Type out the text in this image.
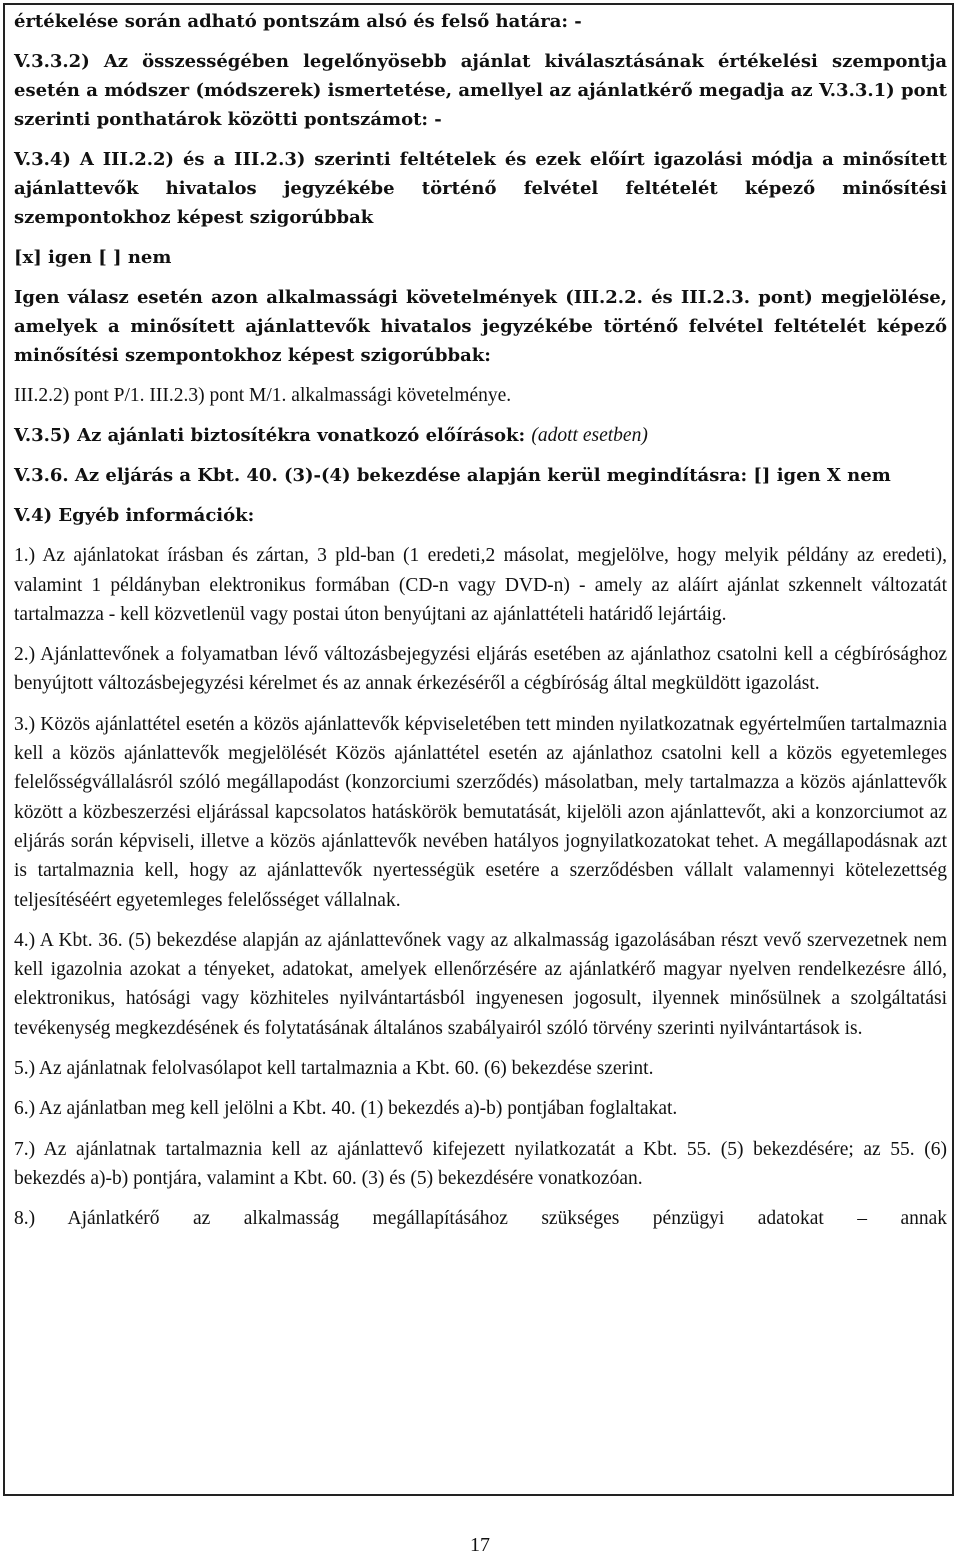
értékelése során adható pontszám alsó és felső határa: -

V.3.3.2) Az összességében legelőnyösebb ajánlat kiválasztásának értékelési szempontja esetén a módszer (módszerek) ismertetése, amellyel az ajánlatkérő megadja az V.3.3.1) pont szerinti ponthatárok közötti pontszámot: -

V.3.4) A III.2.2) és a III.2.3) szerinti feltételek és ezek előírt igazolási módja a minősített ajánlattevők hivatalos jegyzékébe történő felvétel feltételét képező minősítési szempontokhoz képest szigorúbbak

[x] igen [ ] nem

Igen válasz esetén azon alkalmassági követelmények (III.2.2. és III.2.3. pont) megjelölése, amelyek a minősített ajánlattevők hivatalos jegyzékébe történő felvétel feltételét képező minősítési szempontokhoz képest szigorúbbak:

III.2.2) pont P/1. III.2.3) pont M/1. alkalmassági követelménye.

V.3.5) Az ajánlati biztosítékra vonatkozó előírások: (adott esetben)

V.3.6. Az eljárás a Kbt. 40. (3)-(4) bekezdése alapján kerül megindításra: [] igen X nem

V.4) Egyéb információk:

1.) Az ajánlatokat írásban és zártan, 3 pld-ban (1 eredeti,2 másolat, megjelölve, hogy melyik példány az eredeti), valamint 1 példányban elektronikus formában (CD-n vagy DVD-n) - amely az aláírt ajánlat szkennelt változatát tartalmazza - kell közvetlenül vagy postai úton benyújtani az ajánlattételi határidő lejártáig.

2.) Ajánlattevőnek a folyamatban lévő változásbejegyzési eljárás esetében az ajánlathoz csatolni kell a cégbírósághoz benyújtott változásbejegyzési kérelmet és az annak érkezéséről a cégbíróság által megküldött igazolást.

3.) Közös ajánlattétel esetén a közös ajánlattevők képviseletében tett minden nyilatkozatnak egyértelműen tartalmaznia kell a közös ajánlattevők megjelölését Közös ajánlattétel esetén az ajánlathoz csatolni kell a közös egyetemleges felelősségvállalásról szóló megállapodást (konzorciumi szerződés) másolatban, mely tartalmazza a közös ajánlattevők között a közbeszerzési eljárással kapcsolatos hatáskörök bemutatását, kijelöli azon ajánlattevőt, aki a konzorciumot az eljárás során képviseli, illetve a közös ajánlattevők nevében hatályos jognyilatkozatokat tehet. A megállapodásnak azt is tartalmaznia kell, hogy az ajánlattevők nyertességük esetére a szerződésben vállalt valamennyi kötelezettség teljesítéséért egyetemleges felelősséget vállalnak.

4.) A Kbt. 36. (5) bekezdése alapján az ajánlattevőnek vagy az alkalmasság igazolásában részt vevő szervezetnek nem kell igazolnia azokat a tényeket, adatokat, amelyek ellenőrzésére az ajánlatkérő magyar nyelven rendelkezésre álló, elektronikus, hatósági vagy közhiteles nyilvántartásból ingyenesen jogosult, ilyennek minősülnek a szolgáltatási tevékenység megkezdésének és folytatásának általános szabályairól szóló törvény szerinti nyilvántartások is.

5.) Az ajánlatnak felolvasólapot kell tartalmaznia a Kbt. 60. (6) bekezdése szerint.

6.) Az ajánlatban meg kell jelölni a Kbt. 40. (1) bekezdés a)-b) pontjában foglaltakat.

7.) Az ajánlatnak tartalmaznia kell az ajánlattevő kifejezett nyilatkozatát a Kbt. 55. (5) bekezdésére; az 55. (6) bekezdés a)-b) pontjára, valamint a Kbt. 60. (3) és (5) bekezdésére vonatkozóan.

8.) Ajánlatkérő az alkalmasság megállapításához szükséges pénzügyi adatokat – annak

17
